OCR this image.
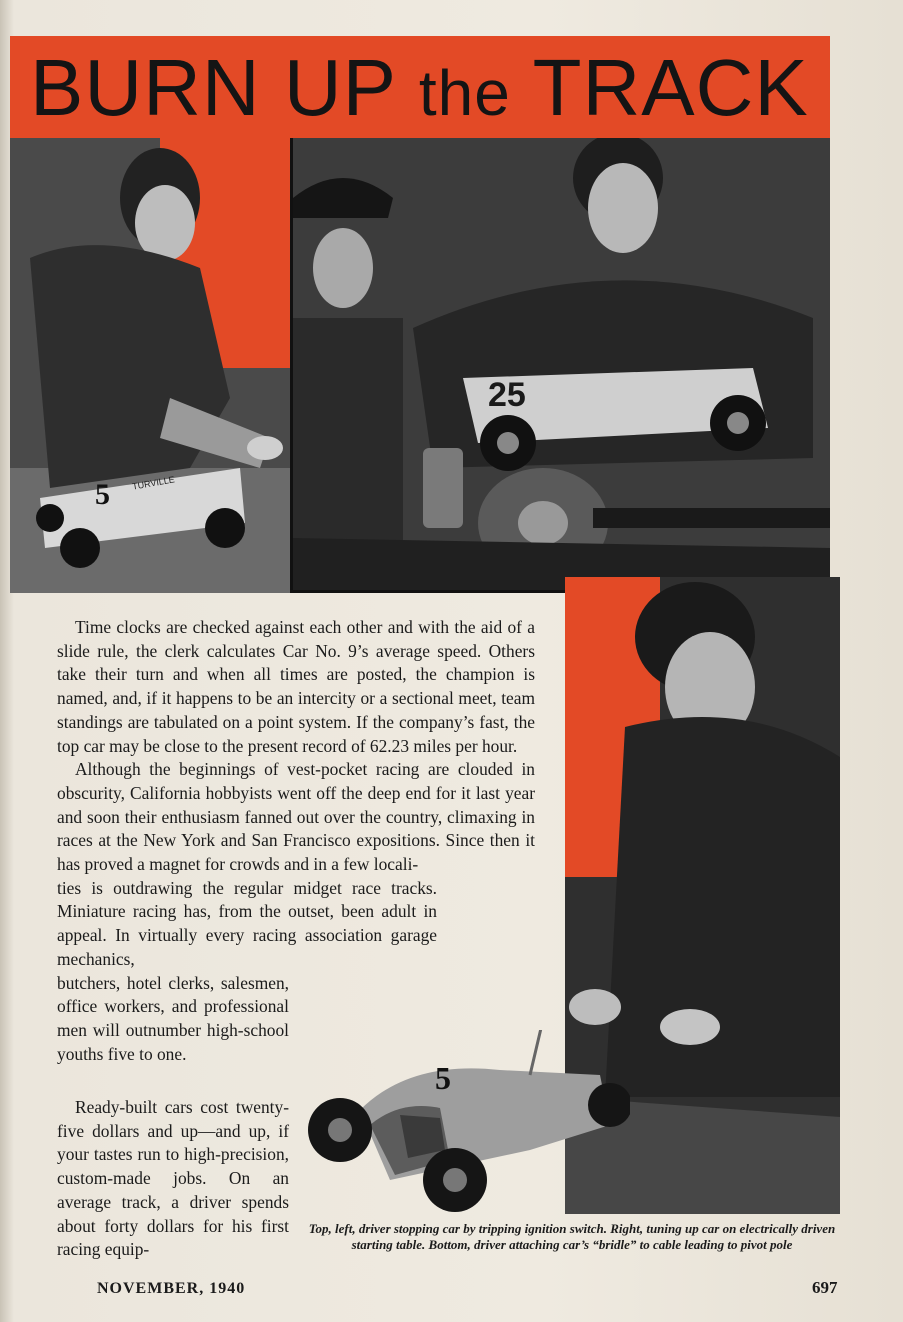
BURN UP the TRACK
5 TURVILLE
25
5

Time clocks are checked against each other and with the aid of a slide rule, the clerk calculates Car No. 9’s average speed. Others take their turn and when all times are posted, the champion is named, and, if it happens to be an intercity or a sectional meet, team standings are tabulated on a point system. If the company’s fast, the top car may be close to the present record of 62.23 miles per hour.

Although the beginnings of vest-pocket racing are clouded in obscurity, California hobbyists went off the deep end for it last year and soon their enthusiasm fanned out over the country, climaxing in races at the New York and San Francisco expositions. Since then it has proved a magnet for crowds and in a few locali-

ties is outdrawing the regular midget race tracks. Miniature racing has, from the outset, been adult in appeal. In virtually every racing association garage mechanics,
butchers, hotel clerks, salesmen, office workers, and professional men will outnumber high-school youths five to one.

Ready-built cars cost twenty-five dollars and up—and up, if your tastes run to high-precision, custom-made jobs. On an average track, a driver spends about forty dollars for his first racing equip-

Top, left, driver stopping car by tripping ignition switch. Right, tuning up car on electrically driven starting table. Bottom, driver attaching car’s “bridle” to cable leading to pivot pole
NOVEMBER, 1940	697
